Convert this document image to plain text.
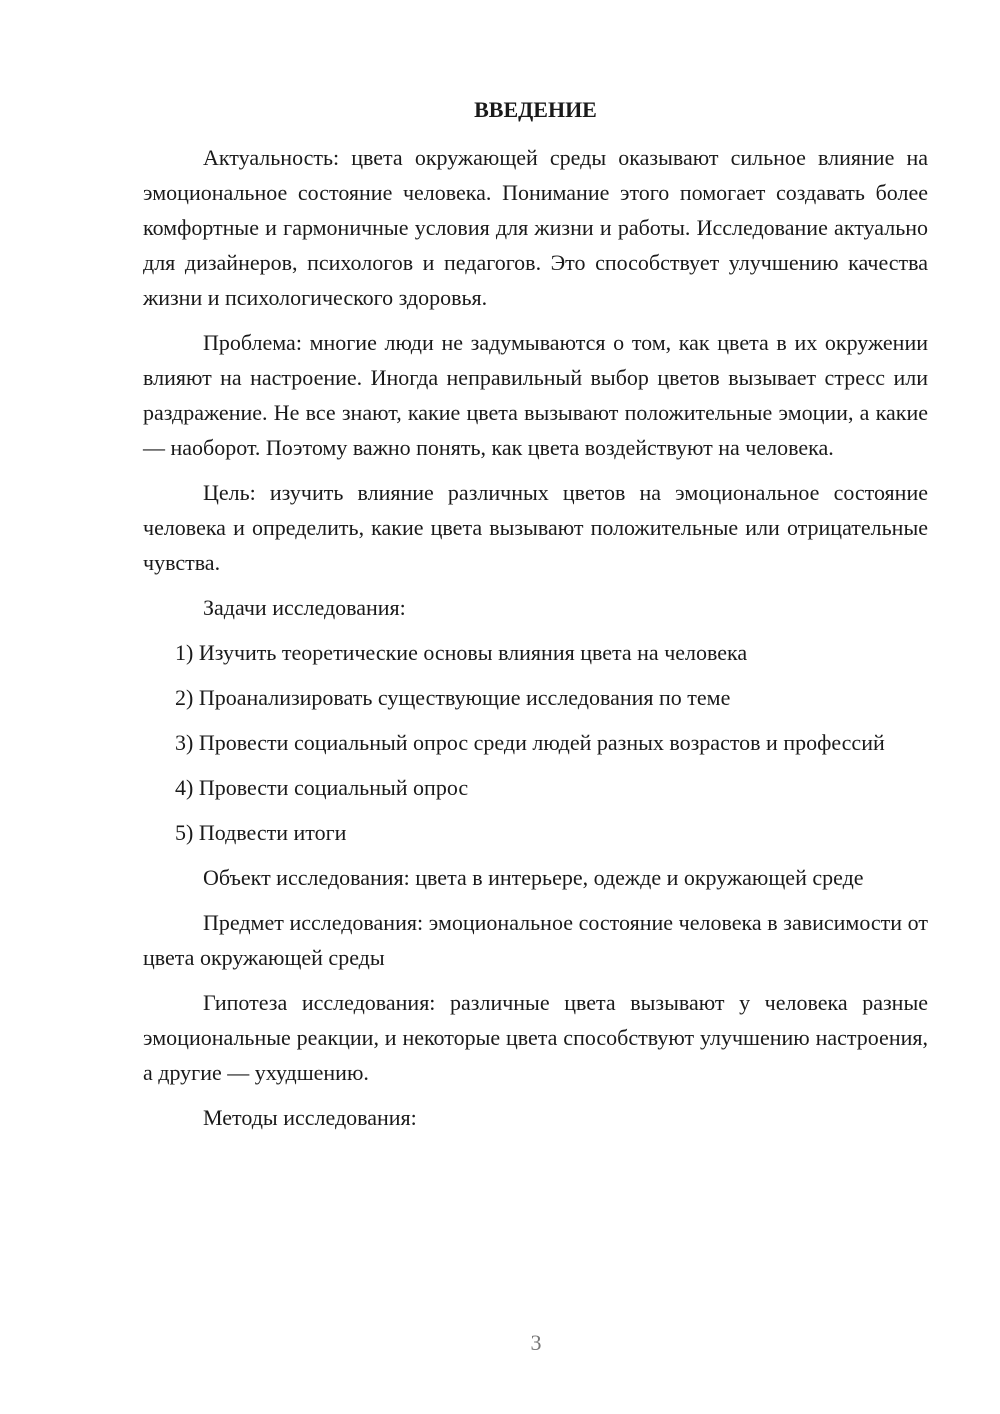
ВВЕДЕНИЕ

Актуальность: цвета окружающей среды оказывают сильное влияние на эмоциональное состояние человека. Понимание этого помогает создавать более комфортные и гармоничные условия для жизни и работы. Исследование актуально для дизайнеров, психологов и педагогов. Это способствует улучшению качества жизни и психологического здоровья.

Проблема: многие люди не задумываются о том, как цвета в их окружении влияют на настроение. Иногда неправильный выбор цветов вызывает стресс или раздражение. Не все знают, какие цвета вызывают положительные эмоции, а какие — наоборот. Поэтому важно понять, как цвета воздействуют на человека.

Цель: изучить влияние различных цветов на эмоциональное состояние человека и определить, какие цвета вызывают положительные или отрицательные чувства.

Задачи исследования:

1) Изучить теоретические основы влияния цвета на человека

2) Проанализировать существующие исследования по теме

3) Провести социальный опрос среди людей разных возрастов и профессий

4) Провести социальный опрос

5) Подвести итоги

Объект исследования: цвета в интерьере, одежде и окружающей среде

Предмет исследования: эмоциональное состояние человека в зависимости от цвета окружающей среды

Гипотеза исследования: различные цвета вызывают у человека разные эмоциональные реакции, и некоторые цвета способствуют улучшению настроения, а другие — ухудшению.

Методы исследования:

3
